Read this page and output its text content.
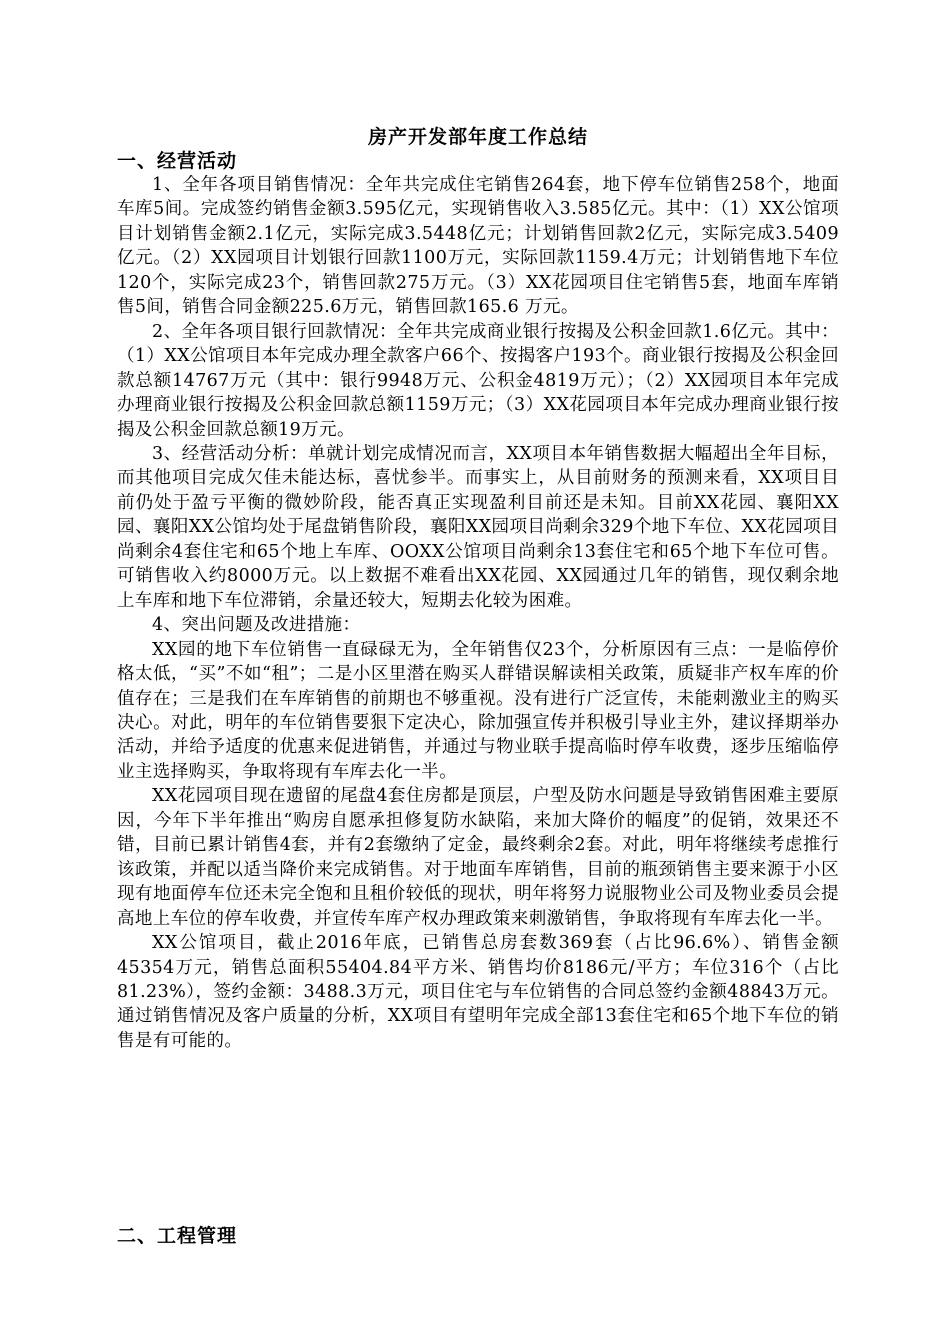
房产开发部年度工作总结
一、经营活动

1、全年各项目销售情况：全年共完成住宅销售264套，地下停车位销售258个，地面车库5间。完成签约销售金额3.595亿元，实现销售收入3.585亿元。其中：（1）XX公馆项目计划销售金额2.1亿元，实际完成3.5448亿元；计划销售回款2亿元，实际完成3.5409亿元。（2）XX园项目计划银行回款1100万元，实际回款1159.4万元；计划销售地下车位120个，实际完成23个，销售回款275万元。（3）XX花园项目住宅销售5套，地面车库销售5间，销售合同金额225.6万元，销售回款165.6 万元。

2、全年各项目银行回款情况：全年共完成商业银行按揭及公积金回款1.6亿元。其中：（1）XX公馆项目本年完成办理全款客户66个、按揭客户193个。商业银行按揭及公积金回款总额14767万元（其中：银行9948万元、公积金4819万元）；（2）XX园项目本年完成办理商业银行按揭及公积金回款总额1159万元；（3）XX花园项目本年完成办理商业银行按揭及公积金回款总额19万元。

3、经营活动分析：单就计划完成情况而言，XX项目本年销售数据大幅超出全年目标，而其他项目完成欠佳未能达标，喜忧参半。而事实上，从目前财务的预测来看，XX项目目前仍处于盈亏平衡的微妙阶段，能否真正实现盈利目前还是未知。目前XX花园、襄阳XX园、襄阳XX公馆均处于尾盘销售阶段，襄阳XX园项目尚剩余329个地下车位、XX花园项目尚剩余4套住宅和65个地上车库、OOXX公馆项目尚剩余13套住宅和65个地下车位可售。可销售收入约8000万元。以上数据不难看出XX花园、XX园通过几年的销售，现仅剩余地上车库和地下车位滞销，余量还较大，短期去化较为困难。

4、突出问题及改进措施：

XX园的地下车位销售一直碌碌无为，全年销售仅23个，分析原因有三点：一是临停价格太低，“买”不如“租”；二是小区里潜在购买人群错误解读相关政策，质疑非产权车库的价值存在；三是我们在车库销售的前期也不够重视。没有进行广泛宣传，未能刺激业主的购买决心。对此，明年的车位销售要狠下定决心，除加强宣传并积极引导业主外，建议择期举办活动，并给予适度的优惠来促进销售，并通过与物业联手提高临时停车收费，逐步压缩临停业主选择购买，争取将现有车库去化一半。

XX花园项目现在遗留的尾盘4套住房都是顶层，户型及防水问题是导致销售困难主要原因，今年下半年推出“购房自愿承担修复防水缺陷，来加大降价的幅度”的促销，效果还不错，目前已累计销售4套，并有2套缴纳了定金，最终剩余2套。对此，明年将继续考虑推行该政策，并配以适当降价来完成销售。对于地面车库销售，目前的瓶颈销售主要来源于小区现有地面停车位还未完全饱和且租价较低的现状，明年将努力说服物业公司及物业委员会提高地上车位的停车收费，并宣传车库产权办理政策来刺激销售，争取将现有车库去化一半。

XX公馆项目，截止2016年底，已销售总房套数369套（占比96.6%）、销售金额45354万元，销售总面积55404.84平方米、销售均价8186元/平方；车位316个（占比81.23%），签约金额：3488.3万元，项目住宅与车位销售的合同总签约金额48843万元。通过销售情况及客户质量的分析，XX项目有望明年完成全部13套住宅和65个地下车位的销售是有可能的。

二、工程管理
